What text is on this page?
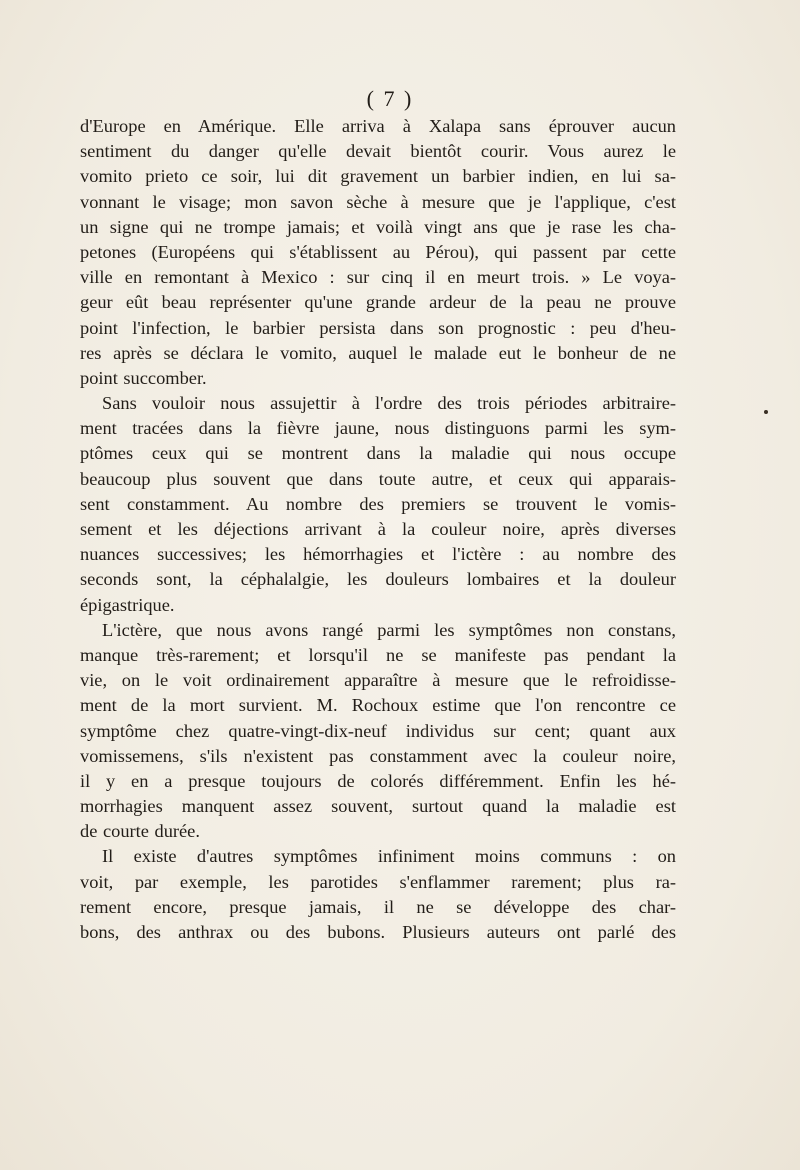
( 7 )
d'Europe en Amérique. Elle arriva à Xalapa sans éprouver aucun
sentiment du danger qu'elle devait bientôt courir. Vous aurez le
vomito prieto ce soir, lui dit gravement un barbier indien, en lui sa-
vonnant le visage; mon savon sèche à mesure que je l'applique, c'est
un signe qui ne trompe jamais; et voilà vingt ans que je rase les cha-
petones (Européens qui s'établissent au Pérou), qui passent par cette
ville en remontant à Mexico : sur cinq il en meurt trois. » Le voya-
geur eût beau représenter qu'une grande ardeur de la peau ne prouve
point l'infection, le barbier persista dans son prognostic : peu d'heu-
res après se déclara le vomito, auquel le malade eut le bonheur de ne
point succomber.
Sans vouloir nous assujettir à l'ordre des trois périodes arbitraire-
ment tracées dans la fièvre jaune, nous distinguons parmi les sym-
ptômes ceux qui se montrent dans la maladie qui nous occupe
beaucoup plus souvent que dans toute autre, et ceux qui apparais-
sent constamment. Au nombre des premiers se trouvent le vomis-
sement et les déjections arrivant à la couleur noire, après diverses
nuances successives; les hémorrhagies et l'ictère : au nombre des
seconds sont, la céphalalgie, les douleurs lombaires et la douleur
épigastrique.
L'ictère, que nous avons rangé parmi les symptômes non constans,
manque très-rarement; et lorsqu'il ne se manifeste pas pendant la
vie, on le voit ordinairement apparaître à mesure que le refroidisse-
ment de la mort survient. M. Rochoux estime que l'on rencontre ce
symptôme chez quatre-vingt-dix-neuf individus sur cent; quant aux
vomissemens, s'ils n'existent pas constamment avec la couleur noire,
il y en a presque toujours de colorés différemment. Enfin les hé-
morrhagies manquent assez souvent, surtout quand la maladie est
de courte durée.
Il existe d'autres symptômes infiniment moins communs : on
voit, par exemple, les parotides s'enflammer rarement; plus ra-
rement encore, presque jamais, il ne se développe des char-
bons, des anthrax ou des bubons. Plusieurs auteurs ont parlé des
